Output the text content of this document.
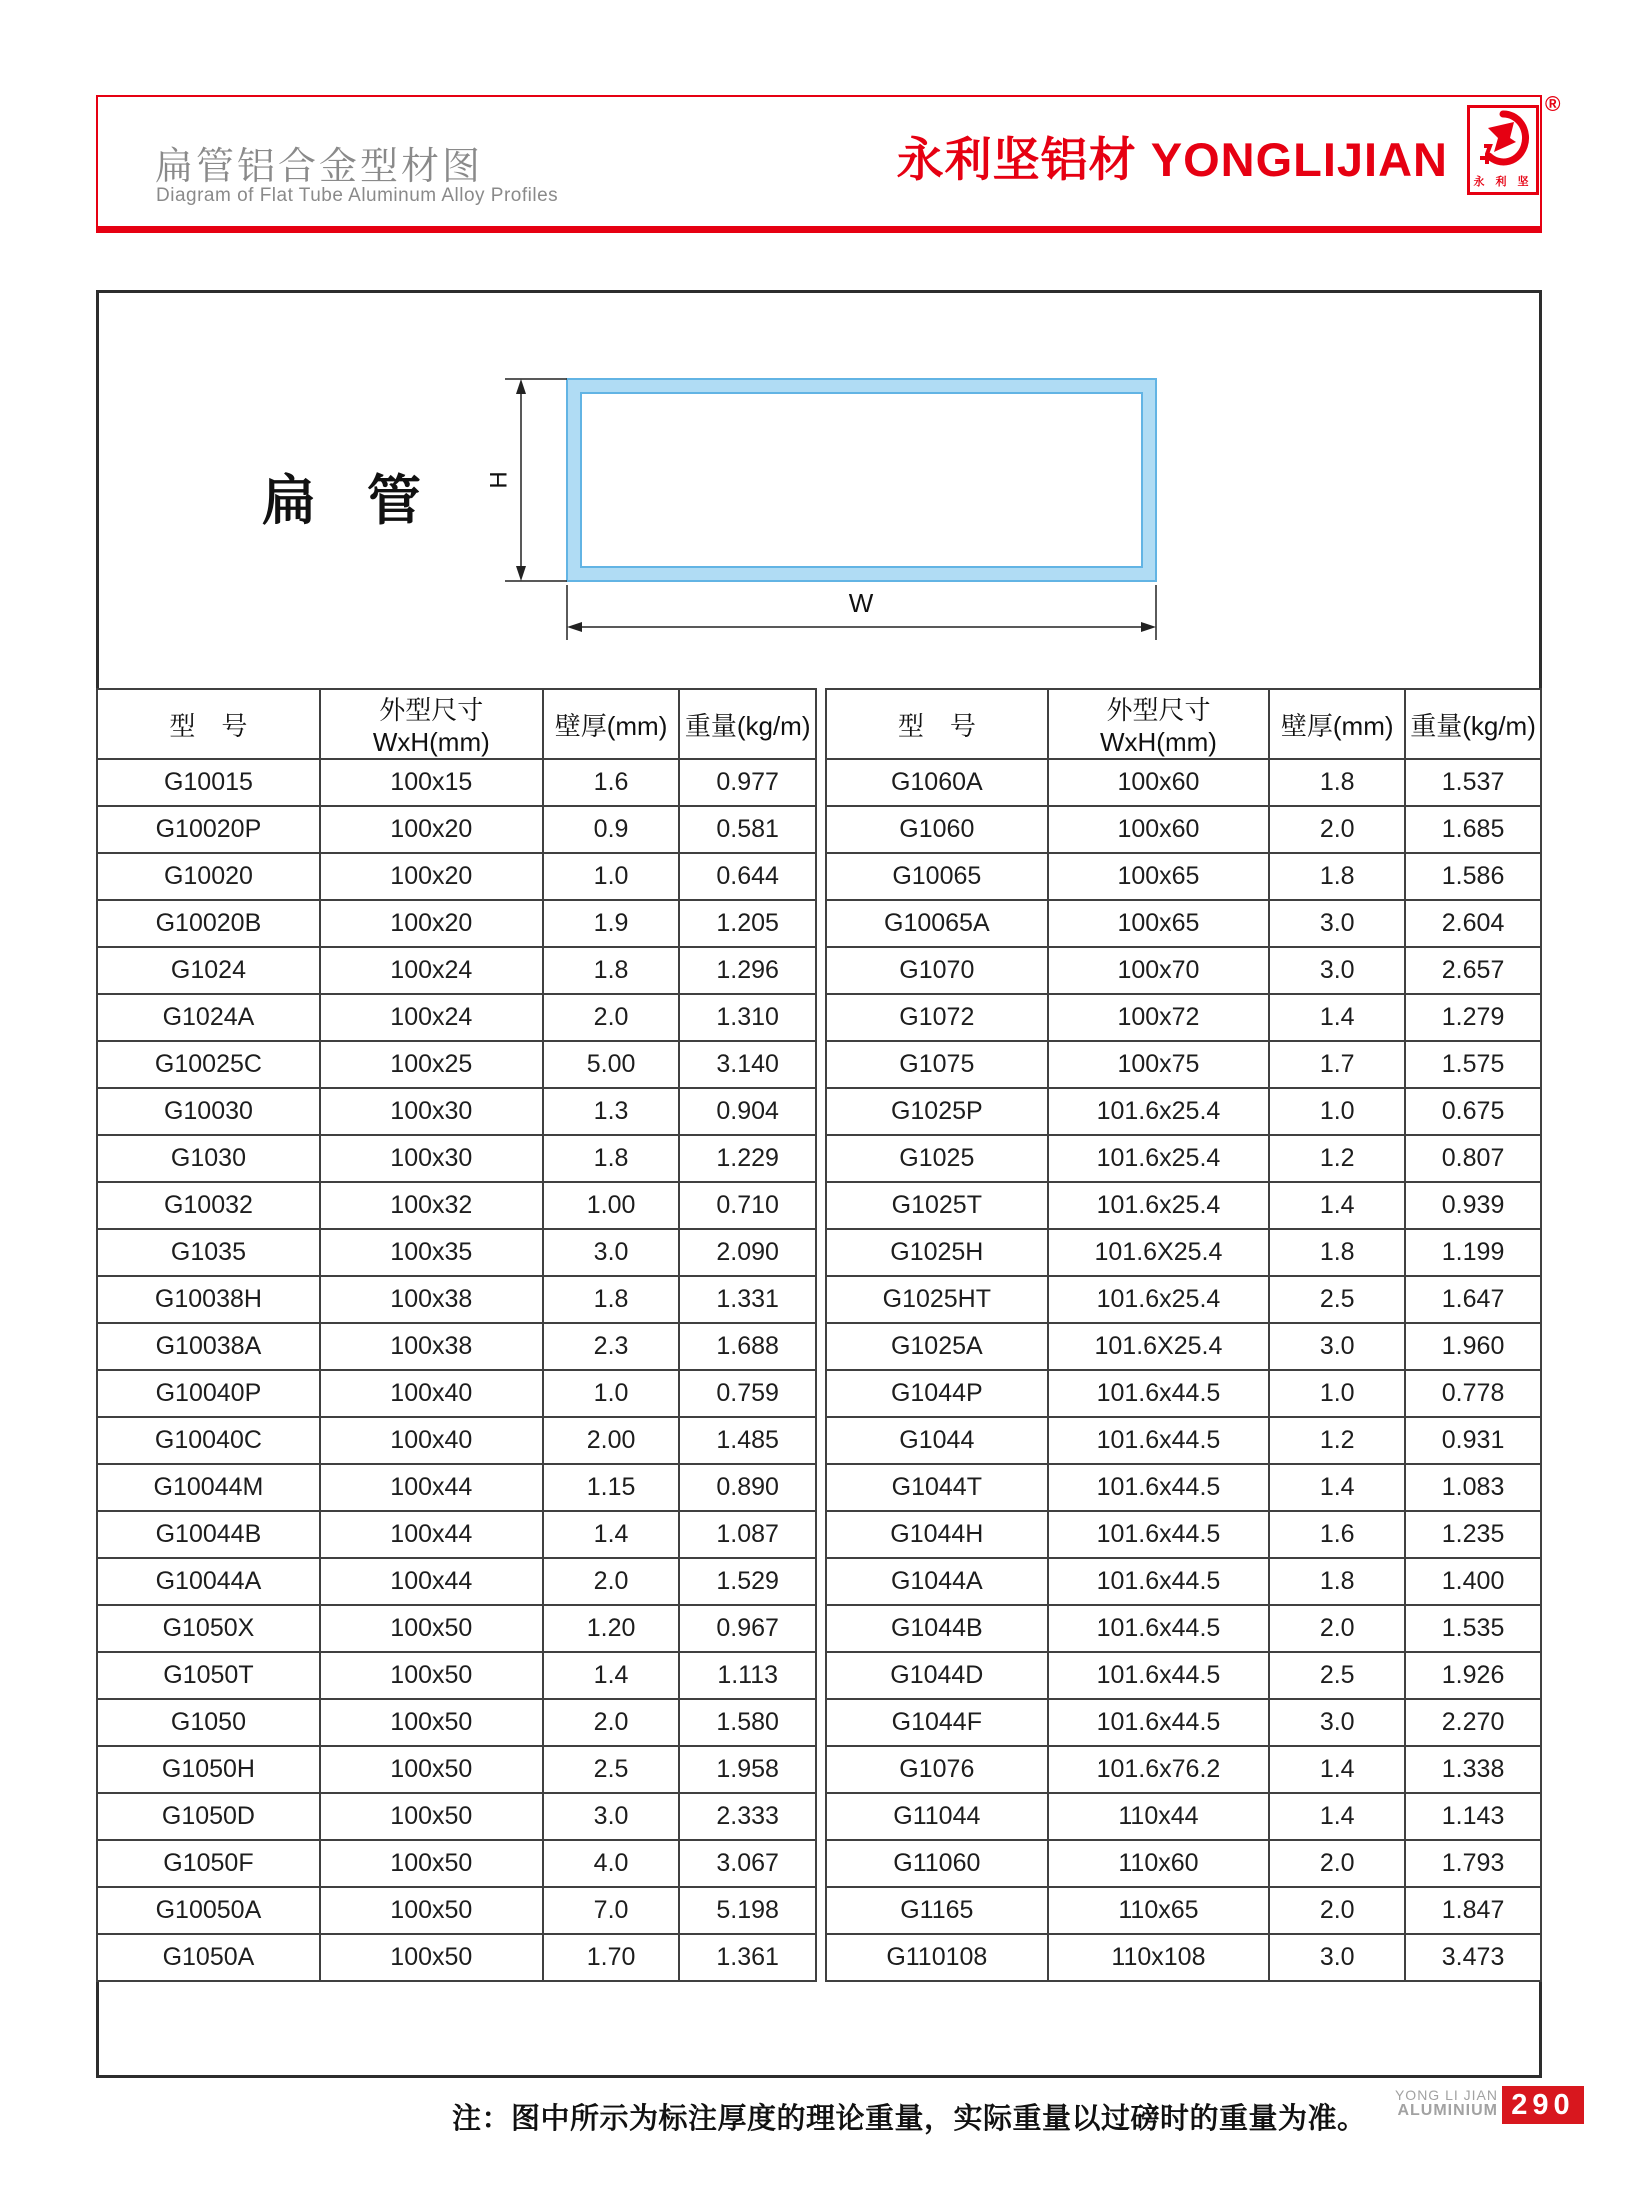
扁管铝合金型材图
Diagram of Flat Tube Aluminum Alloy Profiles
永利坚铝材 YONGLIJIAN	永 利 坚
®
扁 管 H
W
型　号	外型尺寸WxH(mm)	壁厚(mm)	重量(kg/m)
G10015	100x15	1.6	0.977
G10020P	100x20	0.9	0.581
G10020	100x20	1.0	0.644
G10020B	100x20	1.9	1.205
G1024	100x24	1.8	1.296
G1024A	100x24	2.0	1.310
G10025C	100x25	5.00	3.140
G10030	100x30	1.3	0.904
G1030	100x30	1.8	1.229
G10032	100x32	1.00	0.710
G1035	100x35	3.0	2.090
G10038H	100x38	1.8	1.331
G10038A	100x38	2.3	1.688
G10040P	100x40	1.0	0.759
G10040C	100x40	2.00	1.485
G10044M	100x44	1.15	0.890
G10044B	100x44	1.4	1.087
G10044A	100x44	2.0	1.529
G1050X	100x50	1.20	0.967
G1050T	100x50	1.4	1.113
G1050	100x50	2.0	1.580
G1050H	100x50	2.5	1.958
G1050D	100x50	3.0	2.333
G1050F	100x50	4.0	3.067
G10050A	100x50	7.0	5.198
G1050A	100x50	1.70	1.361
型　号	外型尺寸WxH(mm)	壁厚(mm)	重量(kg/m)
G1060A	100x60	1.8	1.537
G1060	100x60	2.0	1.685
G10065	100x65	1.8	1.586
G10065A	100x65	3.0	2.604
G1070	100x70	3.0	2.657
G1072	100x72	1.4	1.279
G1075	100x75	1.7	1.575
G1025P	101.6x25.4	1.0	0.675
G1025	101.6x25.4	1.2	0.807
G1025T	101.6x25.4	1.4	0.939
G1025H	101.6X25.4	1.8	1.199
G1025HT	101.6x25.4	2.5	1.647
G1025A	101.6X25.4	3.0	1.960
G1044P	101.6x44.5	1.0	0.778
G1044	101.6x44.5	1.2	0.931
G1044T	101.6x44.5	1.4	1.083
G1044H	101.6x44.5	1.6	1.235
G1044A	101.6x44.5	1.8	1.400
G1044B	101.6x44.5	2.0	1.535
G1044D	101.6x44.5	2.5	1.926
G1044F	101.6x44.5	3.0	2.270
G1076	101.6x76.2	1.4	1.338
G11044	110x44	1.4	1.143
G11060	110x60	2.0	1.793
G1165	110x65	2.0	1.847
G110108	110x108	3.0	3.473
注：图中所示为标注厚度的理论重量，实际重量以过磅时的重量为准。
YONG LI JIAN
ALUMINIUM 290
